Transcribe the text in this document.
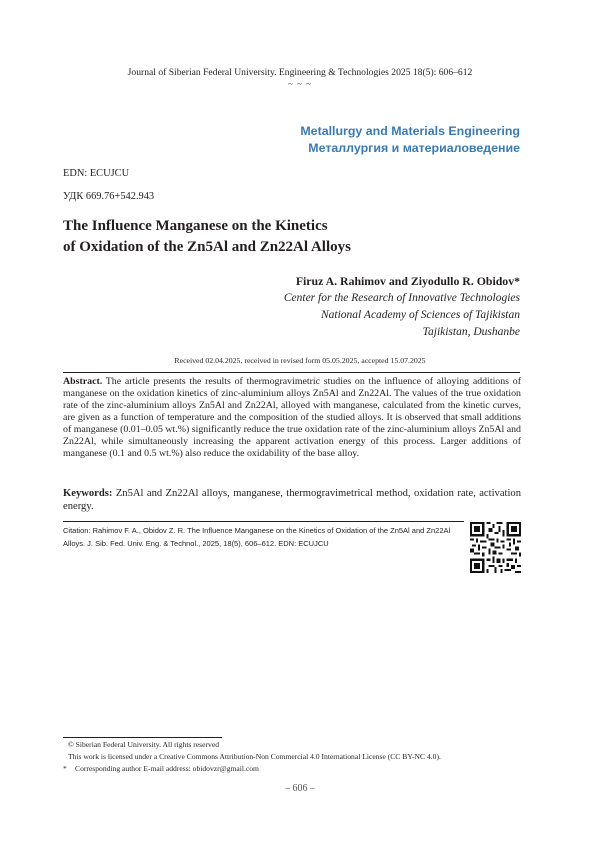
Journal of Siberian Federal University. Engineering & Technologies 2025 18(5): 606–612
~ ~ ~
Metallurgy and Materials Engineering
Металлургия и материаловедение
EDN: ECUJCU
УДК 669.76+542.943
The Influence Manganese on the Kinetics
of Oxidation of the Zn5Al and Zn22Al Alloys
Firuz A. Rahimov and Ziyodullo R. Obidov*
Center for the Research of Innovative Technologies
National Academy of Sciences of Tajikistan
Tajikistan, Dushanbe
Received 02.04.2025, received in revised form 05.05.2025, accepted 15.07.2025
Abstract. The article presents the results of thermogravimetric studies on the influence of alloying additions of manganese on the oxidation kinetics of zinc-aluminium alloys Zn5Al and Zn22Al. The values of the true oxidation rate of the zinc-aluminium alloys Zn5Al and Zn22Al, alloyed with manganese, calculated from the kinetic curves, are given as a function of temperature and the composition of the studied alloys. It is observed that small additions of manganese (0.01–0.05 wt.%) significantly reduce the true oxidation rate of the zinc-aluminium alloys Zn5Al and Zn22Al, while simultaneously increasing the apparent activation energy of this process. Larger additions of manganese (0.1 and 0.5 wt.%) also reduce the oxidability of the base alloy.
Keywords: Zn5Al and Zn22Al alloys, manganese, thermogravimetrical method, oxidation rate, activation energy.
Citation: Rahimov F. A., Obidov Z. R. The Influence Manganese on the Kinetics of Oxidation of the Zn5Al and Zn22Al Alloys. J. Sib. Fed. Univ. Eng. & Technol., 2025, 18(5), 606–612. EDN: ECUJCU
© Siberian Federal University. All rights reserved
This work is licensed under a Creative Commons Attribution-Non Commercial 4.0 International License (CC BY-NC 4.0).
* Corresponding author E-mail address: obidovzr@gmail.com
– 606 –
